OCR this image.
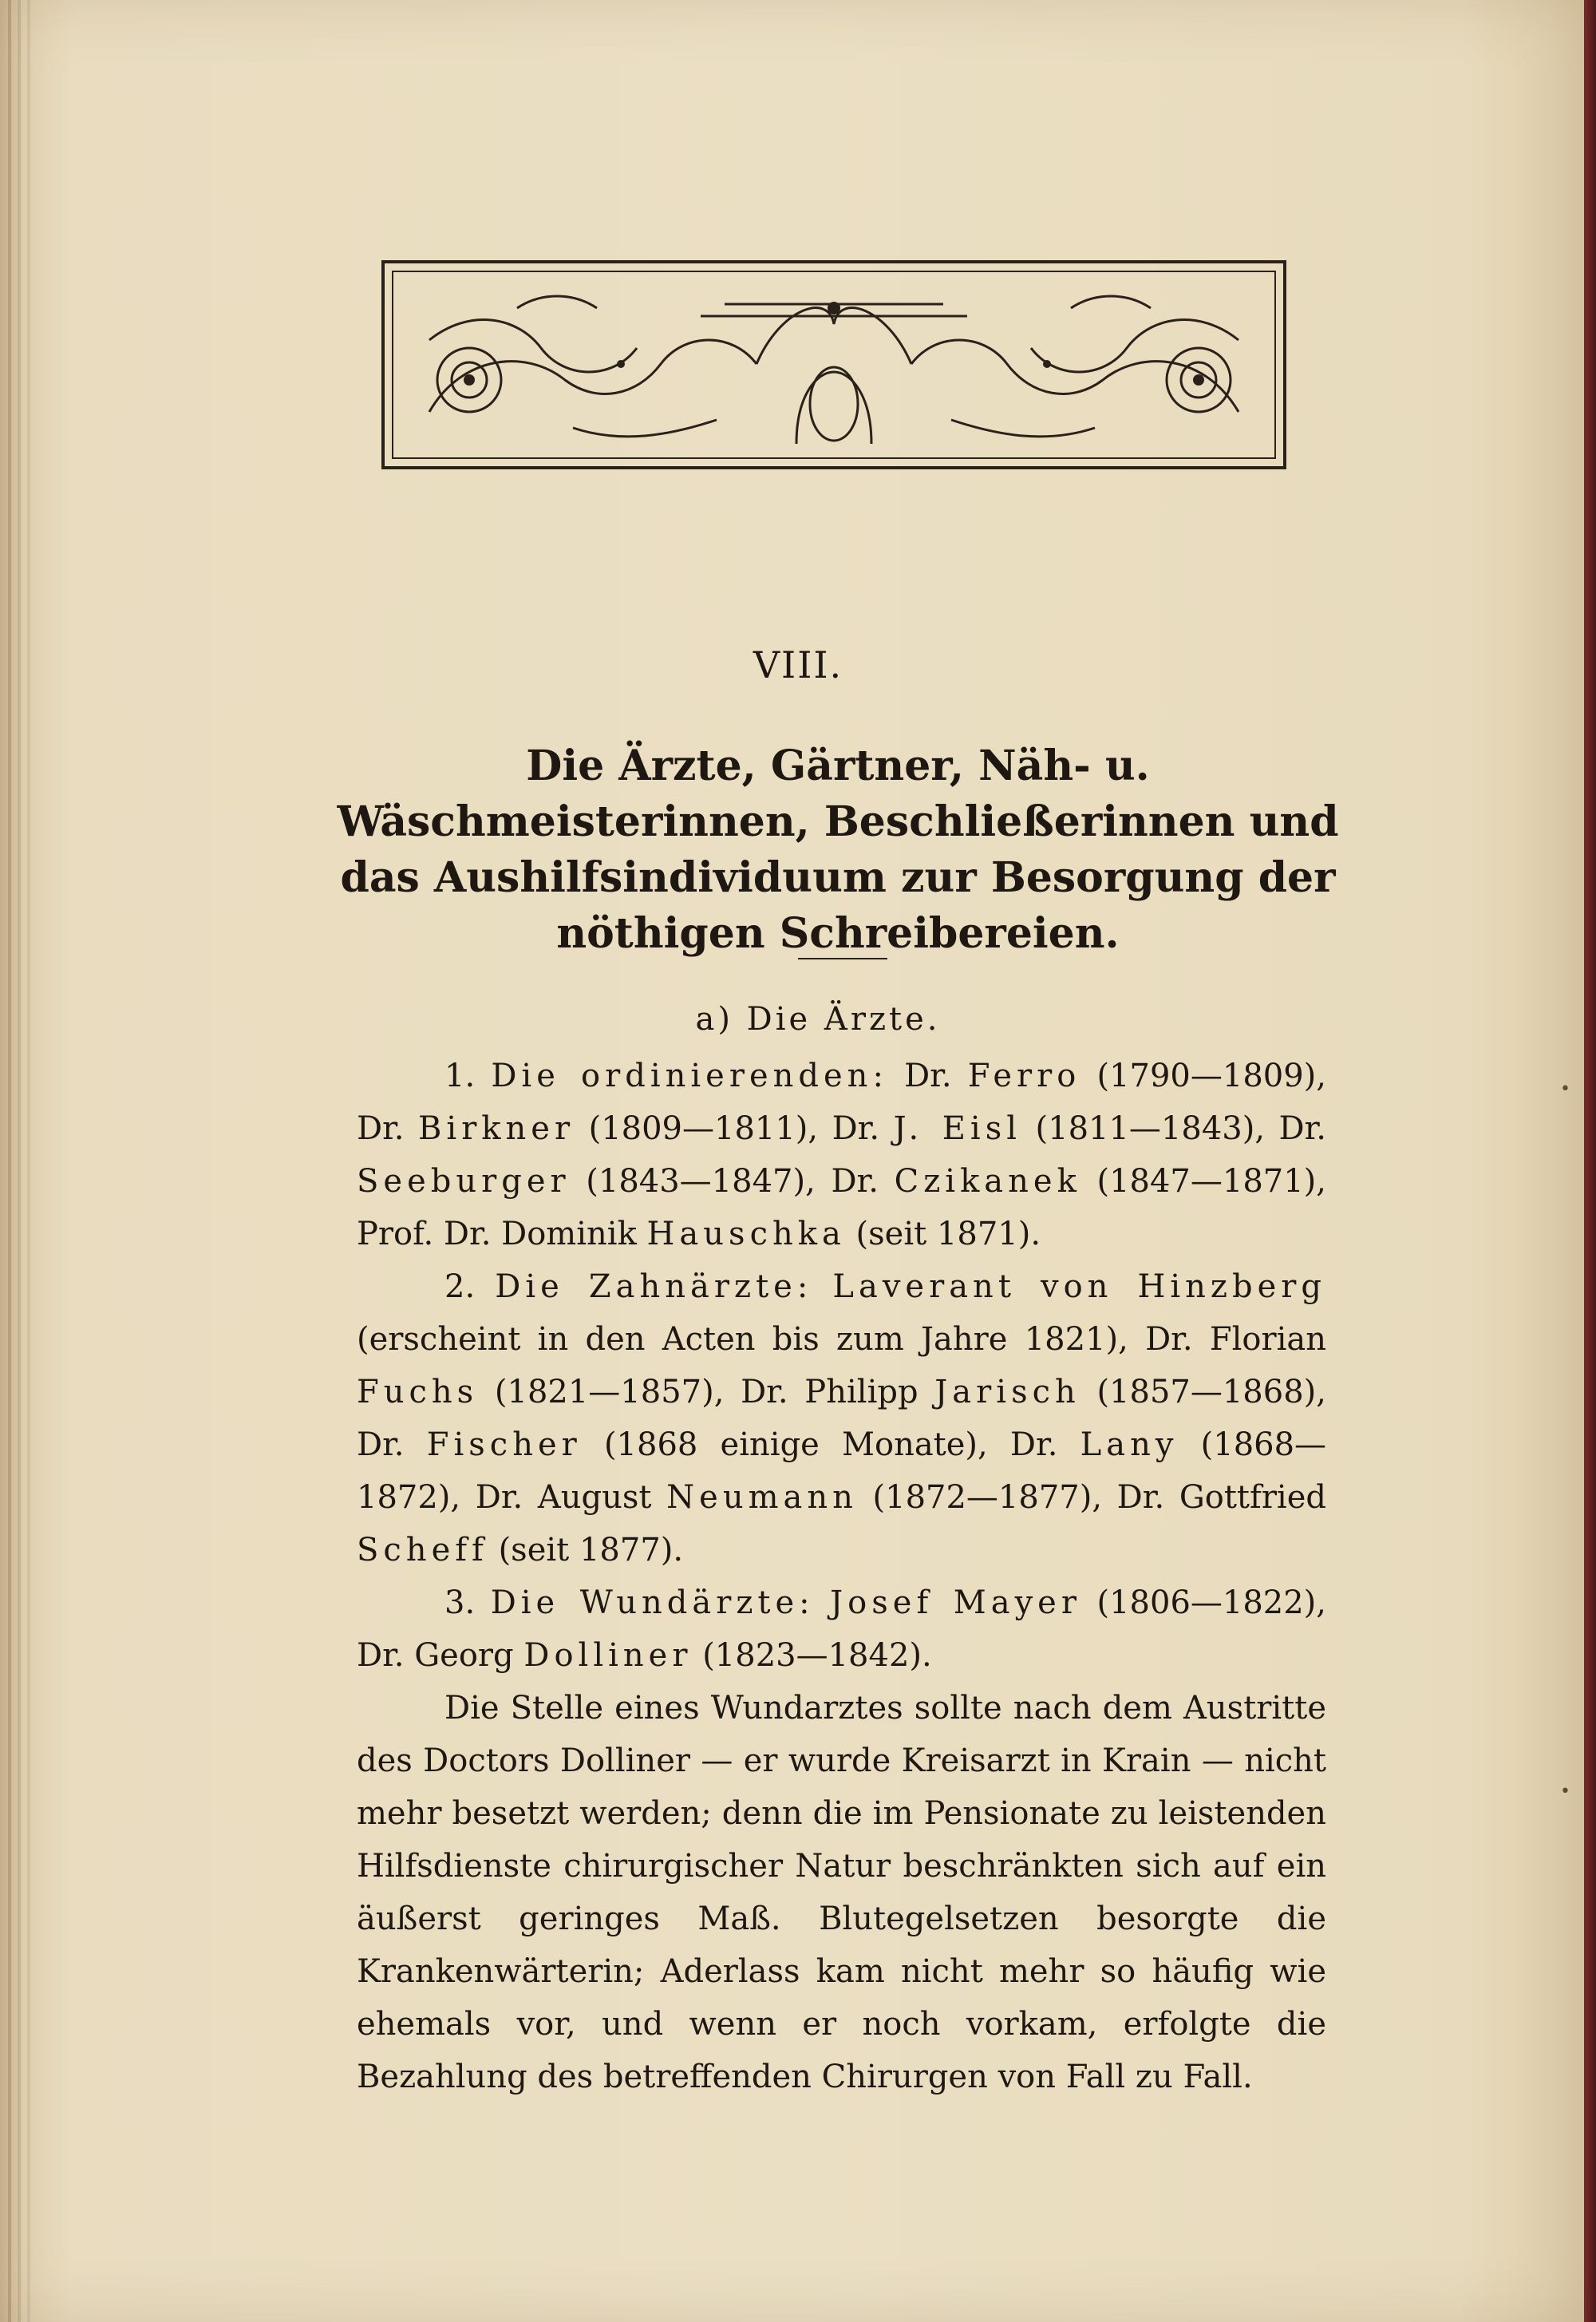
VIII.
Die Ärzte, Gärtner, Näh- u. Wäschmeisterinnen, Beschließerinnen und das Aushilfsindividuum zur Besorgung der nöthigen Schreibereien.
a) Die Ärzte.

1. Die ordinierenden: Dr. Ferro (1790—1809), Dr. Birkner (1809—1811), Dr. J. Eisl (1811—1843), Dr. Seeburger (1843—1847), Dr. Czikanek (1847—1871), Prof. Dr. Dominik Hauschka (seit 1871).

2. Die Zahnärzte: Laverant von Hinzberg (erscheint in den Acten bis zum Jahre 1821), Dr. Florian Fuchs (1821—1857), Dr. Philipp Jarisch (1857—1868), Dr. Fischer (1868 einige Monate), Dr. Lany (1868—1872), Dr. August Neumann (1872—1877), Dr. Gottfried Scheff (seit 1877).

3. Die Wundärzte: Josef Mayer (1806—1822), Dr. Georg Dolliner (1823—1842).

Die Stelle eines Wundarztes sollte nach dem Austritte des Doctors Dolliner — er wurde Kreisarzt in Krain — nicht mehr besetzt werden; denn die im Pensionate zu leistenden Hilfsdienste chirurgischer Natur beschränkten sich auf ein äußerst geringes Maß. Blutegelsetzen besorgte die Krankenwärterin; Aderlass kam nicht mehr so häufig wie ehemals vor, und wenn er noch vorkam, erfolgte die Bezahlung des betreffenden Chirurgen von Fall zu Fall.

•
•
